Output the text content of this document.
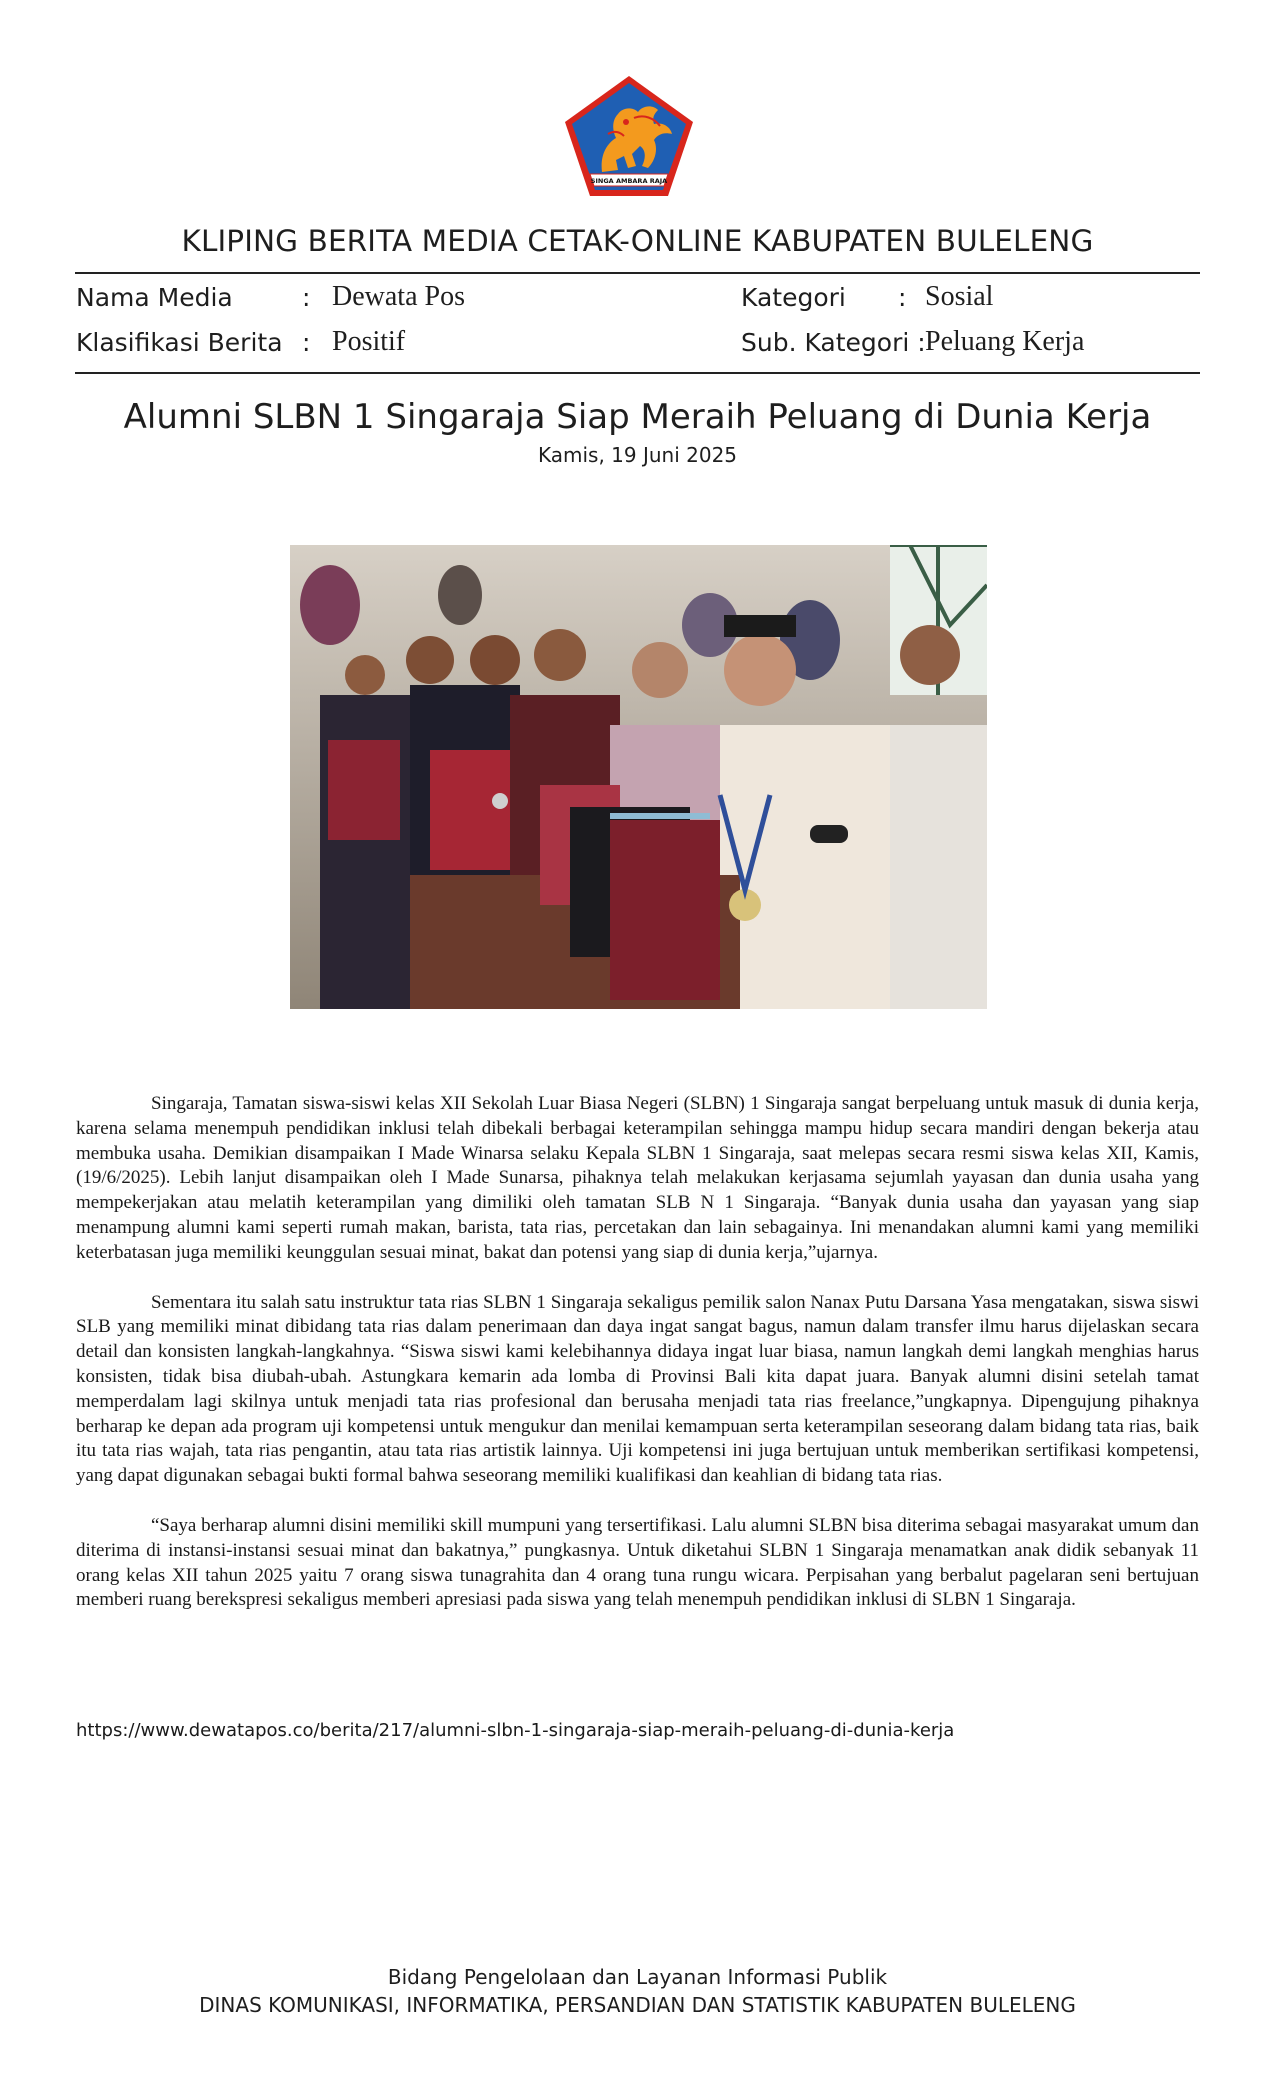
SINGA AMBARA RAJA
KLIPING BERITA MEDIA CETAK-ONLINE KABUPATEN BULELENG
Nama Media	: Dewata Pos
Klasifikasi Berita : Positif
Kategori : Sosial
Sub. Kategori : Peluang Kerja
Alumni SLBN 1 Singaraja Siap Meraih Peluang di Dunia Kerja
Kamis, 19 Juni 2025

Singaraja, Tamatan siswa-siswi kelas XII Sekolah Luar Biasa Negeri (SLBN) 1 Singaraja sangat berpeluang untuk masuk di dunia kerja, karena selama menempuh pendidikan inklusi telah dibekali berbagai keterampilan sehingga mampu hidup secara mandiri dengan bekerja atau membuka usaha. Demikian disampaikan I Made Winarsa selaku Kepala SLBN 1 Singaraja, saat melepas secara resmi siswa kelas XII, Kamis, (19/6/2025). Lebih lanjut disampaikan oleh I Made Sunarsa, pihaknya telah melakukan kerjasama sejumlah yayasan dan dunia usaha yang mempekerjakan atau melatih keterampilan yang dimiliki oleh tamatan SLB N 1 Singaraja. “Banyak dunia usaha dan yayasan yang siap menampung alumni kami seperti rumah makan, barista, tata rias, percetakan dan lain sebagainya. Ini menandakan alumni kami yang memiliki keterbatasan juga memiliki keunggulan sesuai minat, bakat dan potensi yang siap di dunia kerja,”ujarnya.

Sementara itu salah satu instruktur tata rias SLBN 1 Singaraja sekaligus pemilik salon Nanax Putu Darsana Yasa mengatakan, siswa siswi SLB yang memiliki minat dibidang tata rias dalam penerimaan dan daya ingat sangat bagus, namun dalam transfer ilmu harus dijelaskan secara detail dan konsisten langkah-langkahnya. “Siswa siswi kami kelebihannya didaya ingat luar biasa, namun langkah demi langkah menghias harus konsisten, tidak bisa diubah-ubah. Astungkara kemarin ada lomba di Provinsi Bali kita dapat juara. Banyak alumni disini setelah tamat memperdalam lagi skilnya untuk menjadi tata rias profesional dan berusaha menjadi tata rias freelance,”ungkapnya. Dipengujung pihaknya berharap ke depan ada program uji kompetensi untuk mengukur dan menilai kemampuan serta keterampilan seseorang dalam bidang tata rias, baik itu tata rias wajah, tata rias pengantin, atau tata rias artistik lainnya. Uji kompetensi ini juga bertujuan untuk memberikan sertifikasi kompetensi, yang dapat digunakan sebagai bukti formal bahwa seseorang memiliki kualifikasi dan keahlian di bidang tata rias.

“Saya berharap alumni disini memiliki skill mumpuni yang tersertifikasi. Lalu alumni SLBN bisa diterima sebagai masyarakat umum dan diterima di instansi-instansi sesuai minat dan bakatnya,” pungkasnya. Untuk diketahui SLBN 1 Singaraja menamatkan anak didik sebanyak 11 orang kelas XII tahun 2025 yaitu 7 orang siswa tunagrahita dan 4 orang tuna rungu wicara. Perpisahan yang berbalut pagelaran seni bertujuan memberi ruang berekspresi sekaligus memberi apresiasi pada siswa yang telah menempuh pendidikan inklusi di SLBN 1 Singaraja.

https://www.dewatapos.co/berita/217/alumni-slbn-1-singaraja-siap-meraih-peluang-di-dunia-kerja
Bidang Pengelolaan dan Layanan Informasi Publik
DINAS KOMUNIKASI, INFORMATIKA, PERSANDIAN DAN STATISTIK KABUPATEN BULELENG
